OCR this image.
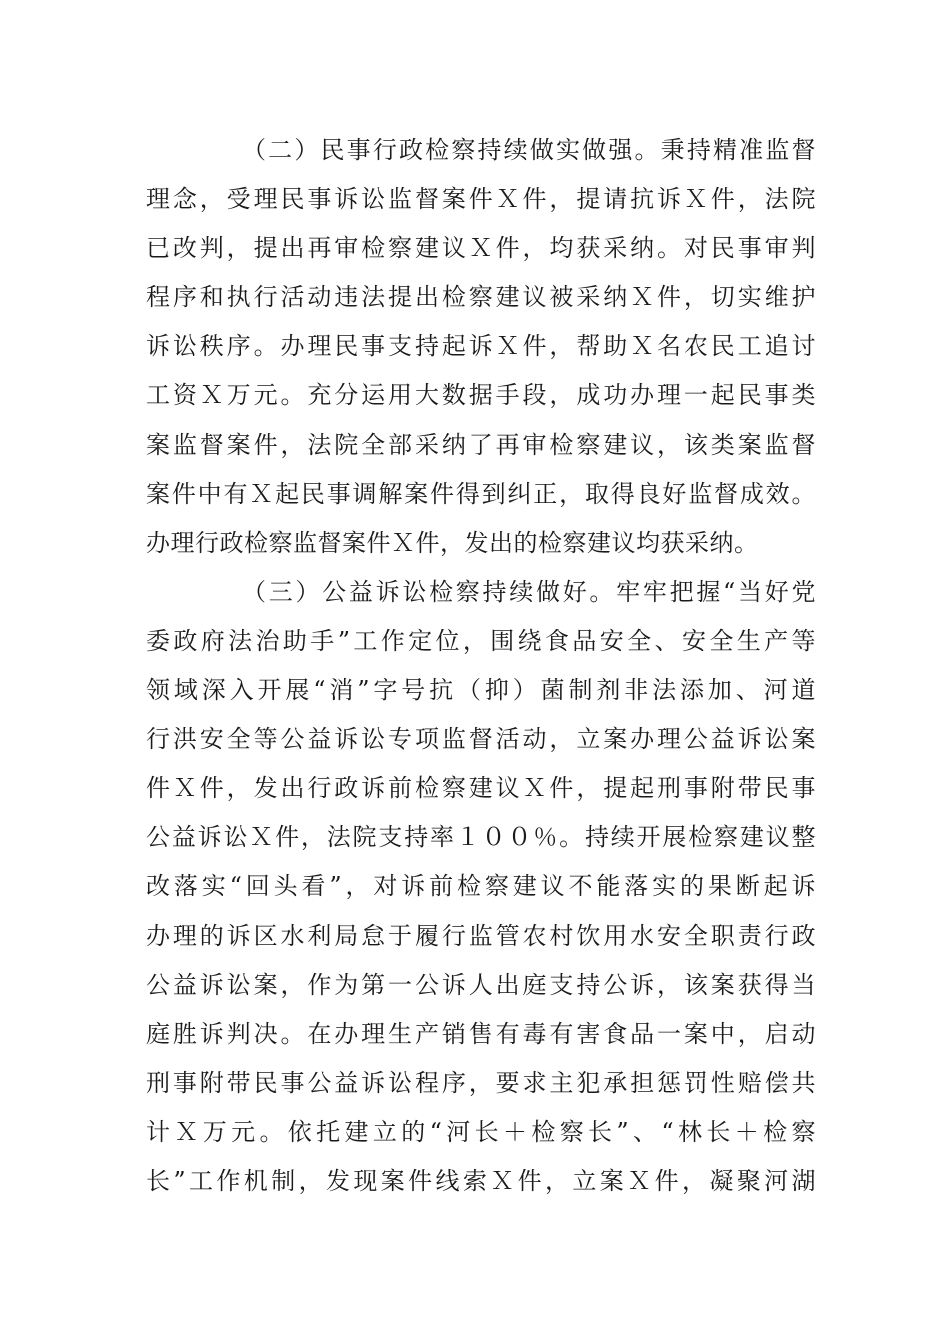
（二）民事行政检察持续做实做强。秉持精准监督
理念，受理民事诉讼监督案件Ｘ件，提请抗诉Ｘ件，法院
已改判，提出再审检察建议Ｘ件，均获采纳。对民事审判
程序和执行活动违法提出检察建议被采纳Ｘ件，切实维护
诉讼秩序。办理民事支持起诉Ｘ件，帮助Ｘ名农民工追讨
工资Ｘ万元。充分运用大数据手段，成功办理一起民事类
案监督案件，法院全部采纳了再审检察建议，该类案监督
案件中有Ｘ起民事调解案件得到纠正，取得良好监督成效。
办理行政检察监督案件Ｘ件，发出的检察建议均获采纳。
（三）公益诉讼检察持续做好。牢牢把握“当好党
委政府法治助手”工作定位，围绕食品安全、安全生产等
领域深入开展“消”字号抗（抑）菌制剂非法添加、河道
行洪安全等公益诉讼专项监督活动，立案办理公益诉讼案
件Ｘ件，发出行政诉前检察建议Ｘ件，提起刑事附带民事
公益诉讼Ｘ件，法院支持率１００％。持续开展检察建议整
改落实“回头看”，对诉前检察建议不能落实的果断起诉
办理的诉区水利局怠于履行监管农村饮用水安全职责行政
公益诉讼案，作为第一公诉人出庭支持公诉，该案获得当
庭胜诉判决。在办理生产销售有毒有害食品一案中，启动
刑事附带民事公益诉讼程序，要求主犯承担惩罚性赔偿共
计Ｘ万元。依托建立的“河长＋检察长”、“林长＋检察
长”工作机制，发现案件线索Ｘ件，立案Ｘ件，凝聚河湖
